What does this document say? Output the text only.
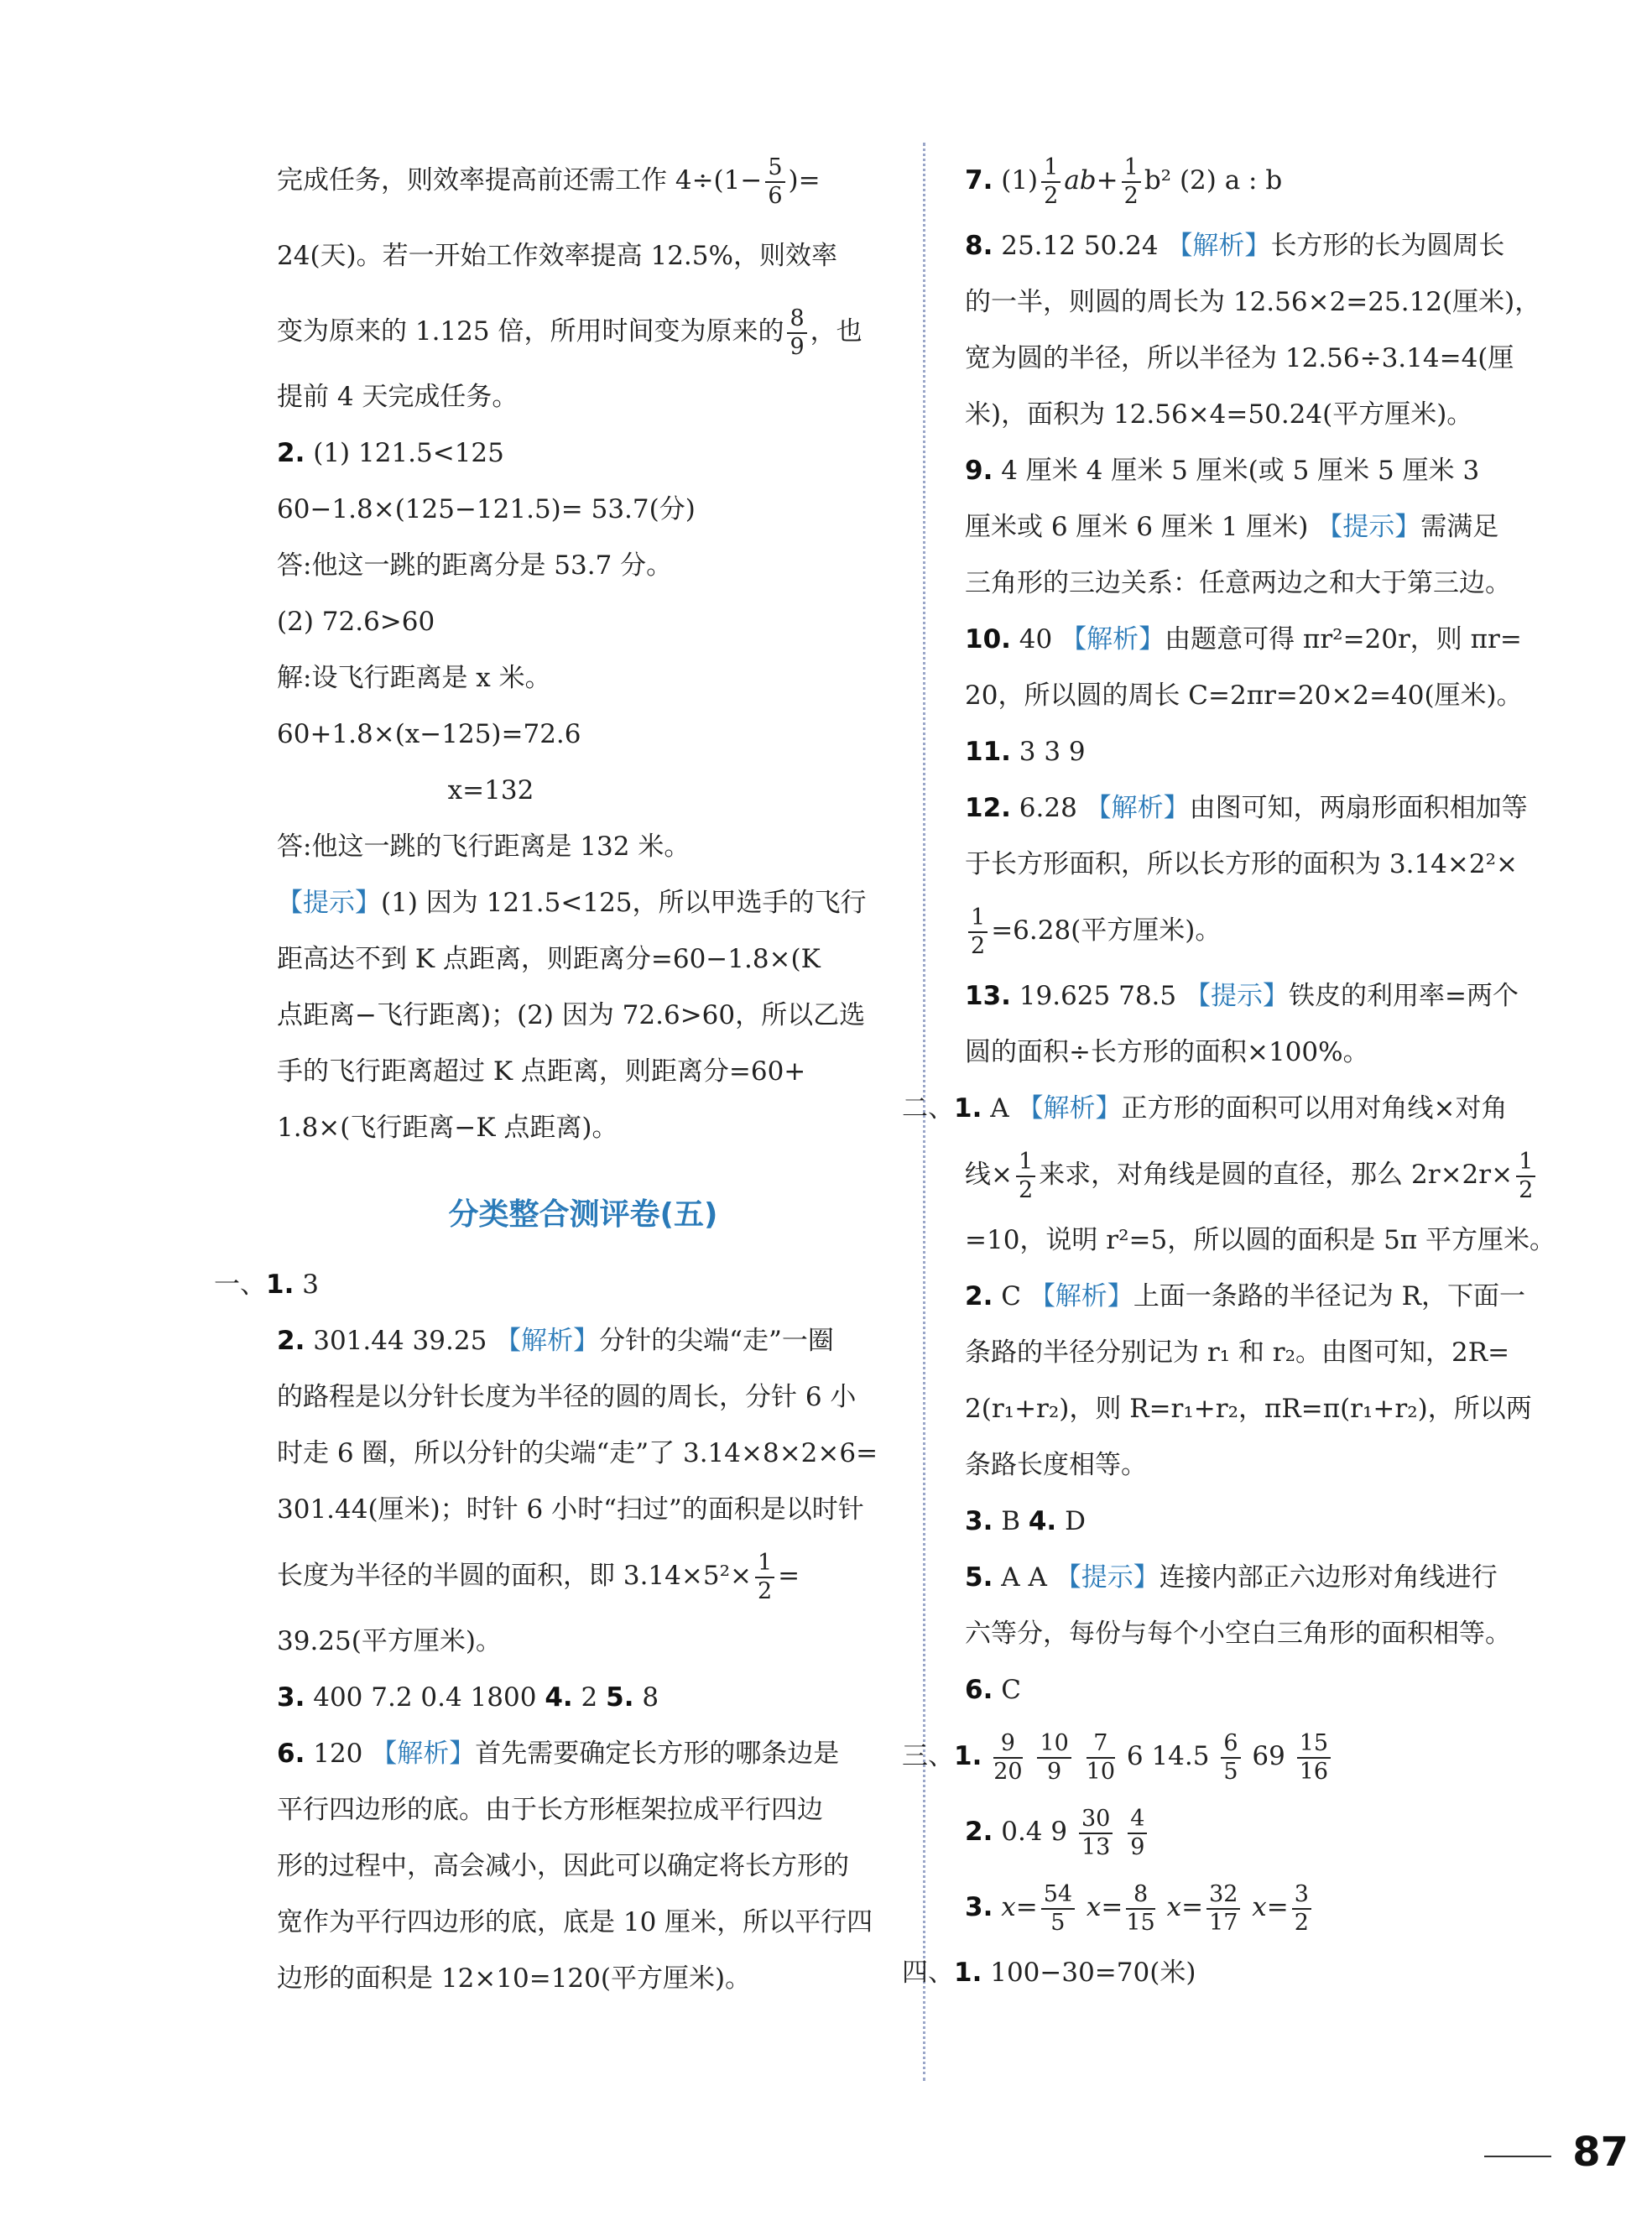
完成任务，则效率提高前还需工作 $4\div(1- \frac{5}{6}$ )=
24(天)。若一开始工作效率提高 12.5%，则效率
变为原来的 1.125 倍，所用时间变为原来的 $\frac{8}{9}$ ，也
提前 4 天完成任务。
2. (1) 121.5<125
60−1.8×(125−121.5)= 53.7(分)
答:他这一跳的距离分是 53.7 分。
(2) 72.6>60
解:设飞行距离是 x 米。
60+1.8×(x−125)=72.6
x=132
答:他这一跳的飞行距离是 132 米。
【提示】(1) 因为 121.5<125，所以甲选手的飞行
距高达不到 K 点距离，则距离分=60−1.8×(K
点距离−飞行距离)；(2) 因为 72.6>60，所以乙选
手的飞行距离超过 K 点距离，则距离分=60+
1.8×(飞行距离−K 点距离)。
分类整合测评卷(五)
一、1. 3
2. 301.44 39.25 【解析】分针的尖端“走”一圈
的路程是以分针长度为半径的圆的周长，分针 6 小
时走 6 圈，所以分针的尖端“走”了 3.14×8×2×6=
301.44(厘米)；时针 6 小时“扫过”的面积是以时针
长度为半径的半圆的面积，即 $3.14\times 5^2\times \frac{1}{2}$ =
39.25(平方厘米)。
3. 400 7.2 0.4 1800 4. 2 5. 8
6. 120 【解析】首先需要确定长方形的哪条边是
平行四边形的底。由于长方形框架拉成平行四边
形的过程中，高会减小，因此可以确定将长方形的
宽作为平行四边形的底，底是 10 厘米，所以平行四
边形的面积是 12×10=120(平方厘米)。
7. $(1) \frac{1}{2} ab+ \frac{1}{2} b^2$ (2) a : b
8. 25.12 50.24 【解析】长方形的长为圆周长
的一半，则圆的周长为 12.56×2=25.12(厘米)，
宽为圆的半径，所以半径为 12.56÷3.14=4(厘
米)，面积为 12.56×4=50.24(平方厘米)。
9. 4 厘米 4 厘米 5 厘米(或 5 厘米 5 厘米 3
厘米或 6 厘米 6 厘米 1 厘米) 【提示】需满足
三角形的三边关系：任意两边之和大于第三边。
10. 40 【解析】由题意可得 πr²=20r，则 πr=
20，所以圆的周长 C=2πr=20×2=40(厘米)。
11. 3 3 9
12. 6.28 【解析】由图可知，两扇形面积相加等
于长方形面积，所以长方形的面积为 3.14×2²×
$\frac{1}{2} =6.28$(平方厘米)。
13. 19.625 78.5 【提示】铁皮的利用率=两个
圆的面积÷长方形的面积×100%。
二、1. A 【解析】正方形的面积可以用对角线×对角
线× $\frac{1}{2}$ 来求，对角线是圆的直径，那么 $2r\times 2r\times \frac{1}{2}$
=10，说明 r²=5，所以圆的面积是 5π 平方厘米。
2. C 【解析】上面一条路的半径记为 R，下面一
条路的半径分别记为 r₁ 和 r₂。由图可知，2R=
2(r₁+r₂)，则 R=r₁+r₂，πR=π(r₁+r₂)，所以两
条路长度相等。
3. B 4. D
5. A A 【提示】连接内部正六边形对角线进行
六等分，每份与每个小空白三角形的面积相等。
6. C
三、1. $\frac{9}{20}$
$\frac{10}{9}$
$\frac{7}{10} 6$ $14.5 \frac{6}{5} 69 \frac{15}{16}$
2. 0.4 $9 \frac{30}{13}$
$\frac{4}{9}$
3. $x= \frac{54}{5} x= \frac{8}{15} x= \frac{32}{17} x= \frac{3}{2}$
四、1. 100−30=70(米)
87
